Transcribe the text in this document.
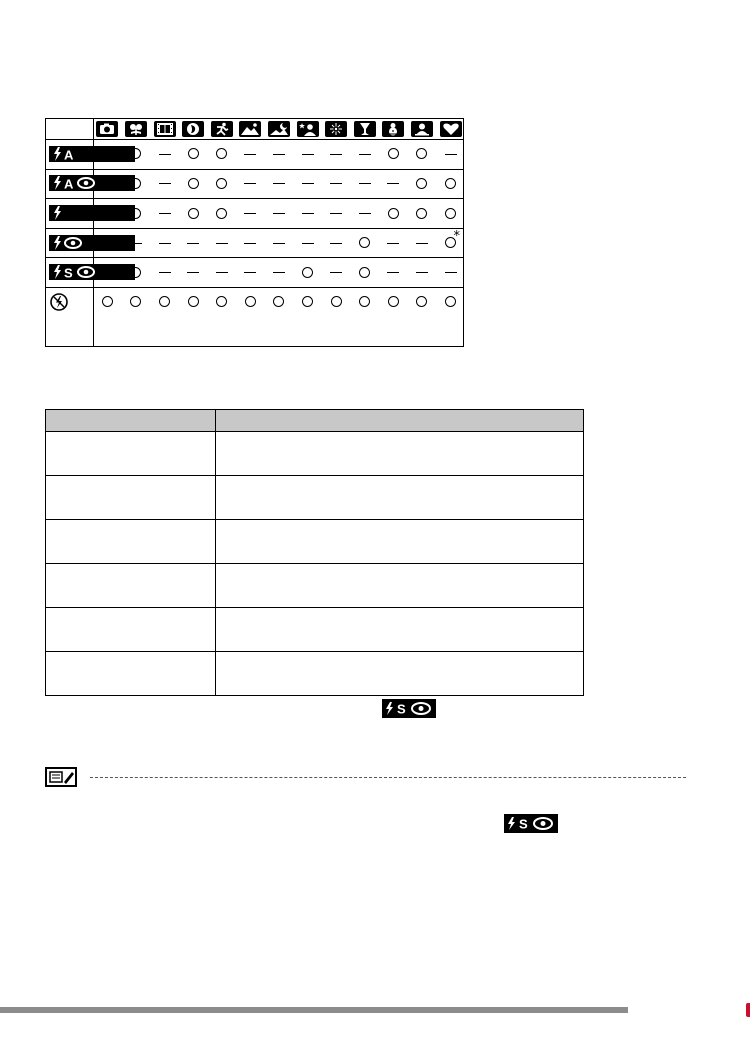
A
A
*
S
S
S
